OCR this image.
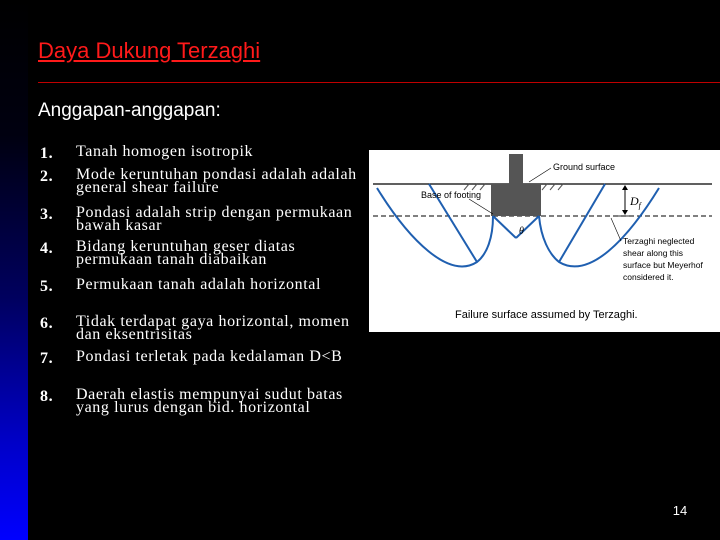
Daya Dukung Terzaghi
Anggapan-anggapan:
1.	Tanah homogen isotropik
2.	Mode keruntuhan pondasi adalah adalah general shear failure
3.	Pondasi adalah strip dengan permukaan bawah kasar
4.	Bidang keruntuhan geser diatas permukaan tanah diabaikan
5.	Permukaan tanah adalah horizontal
6.	Tidak terdapat gaya horizontal, momen dan eksentrisitas
7.	Pondasi terletak pada kedalaman D<B
8.	Daerah elastis mempunyai sudut batas yang lurus dengan bid. horizontal
$D_f$
Ground surface
Base of footing
θ
Terzaghi neglected
shear along this
surface but Meyerhof
considered it.
Failure surface assumed by Terzaghi.
14
